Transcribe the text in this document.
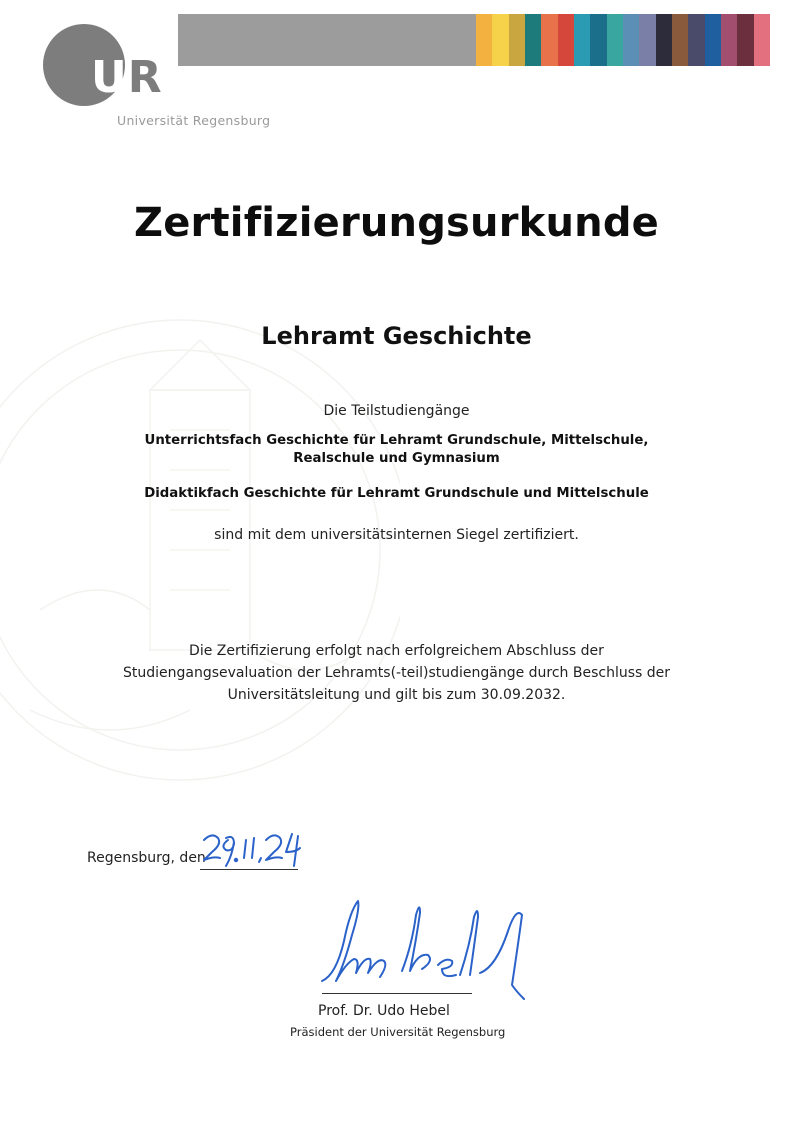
UR
Universität Regensburg
Zertifizierungsurkunde
Lehramt Geschichte
Die Teilstudiengänge
Unterrichtsfach Geschichte für Lehramt Grundschule, Mittelschule, Realschule und Gymnasium
Didaktikfach Geschichte für Lehramt Grundschule und Mittelschule
sind mit dem universitätsinternen Siegel zertifiziert.
Die Zertifizierung erfolgt nach erfolgreichem Abschluss der Studiengangsevaluation der Lehramts(-teil)studiengänge durch Beschluss der Universitätsleitung und gilt bis zum 30.09.2032.
Regensburg, den
Prof. Dr. Udo Hebel
Präsident der Universität Regensburg
